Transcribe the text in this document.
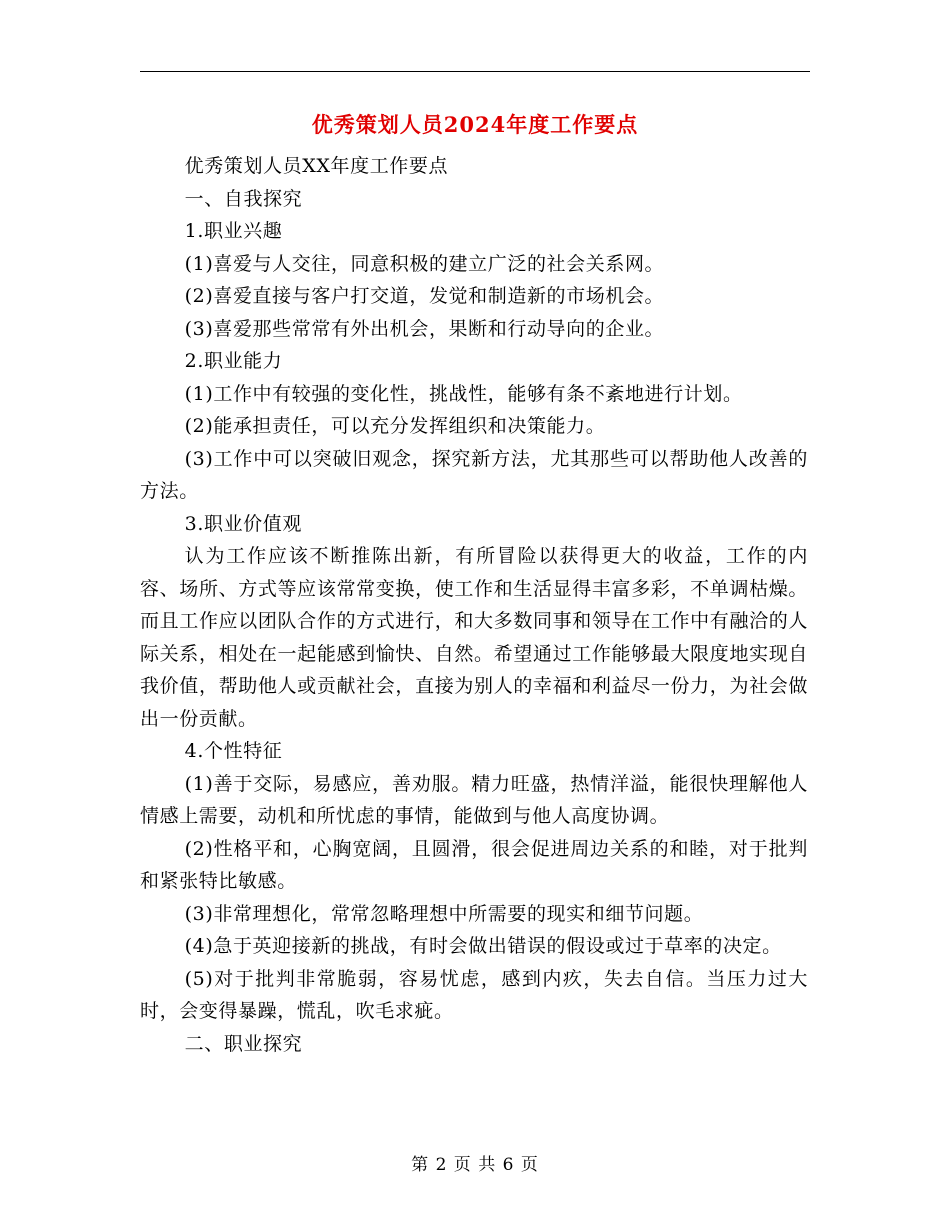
优秀策划人员2024年度工作要点

优秀策划人员XX年度工作要点

一、自我探究

1.职业兴趣

(1)喜爱与人交往，同意积极的建立广泛的社会关系网。

(2)喜爱直接与客户打交道，发觉和制造新的市场机会。

(3)喜爱那些常常有外出机会，果断和行动导向的企业。

2.职业能力

(1)工作中有较强的变化性，挑战性，能够有条不紊地进行计划。

(2)能承担责任，可以充分发挥组织和决策能力。

(3)工作中可以突破旧观念，探究新方法，尤其那些可以帮助他人改善的方法。

3.职业价值观

认为工作应该不断推陈出新，有所冒险以获得更大的收益，工作的内容、场所、方式等应该常常变换，使工作和生活显得丰富多彩，不单调枯燥。而且工作应以团队合作的方式进行，和大多数同事和领导在工作中有融洽的人际关系，相处在一起能感到愉快、自然。希望通过工作能够最大限度地实现自我价值，帮助他人或贡献社会，直接为别人的幸福和利益尽一份力，为社会做出一份贡献。

4.个性特征

(1)善于交际，易感应，善劝服。精力旺盛，热情洋溢，能很快理解他人情感上需要，动机和所忧虑的事情，能做到与他人高度协调。

(2)性格平和，心胸宽阔，且圆滑，很会促进周边关系的和睦，对于批判和紧张特比敏感。

(3)非常理想化，常常忽略理想中所需要的现实和细节问题。

(4)急于英迎接新的挑战，有时会做出错误的假设或过于草率的决定。

(5)对于批判非常脆弱，容易忧虑，感到内疚，失去自信。当压力过大时，会变得暴躁，慌乱，吹毛求疵。

二、职业探究

第 2 页 共 6 页
